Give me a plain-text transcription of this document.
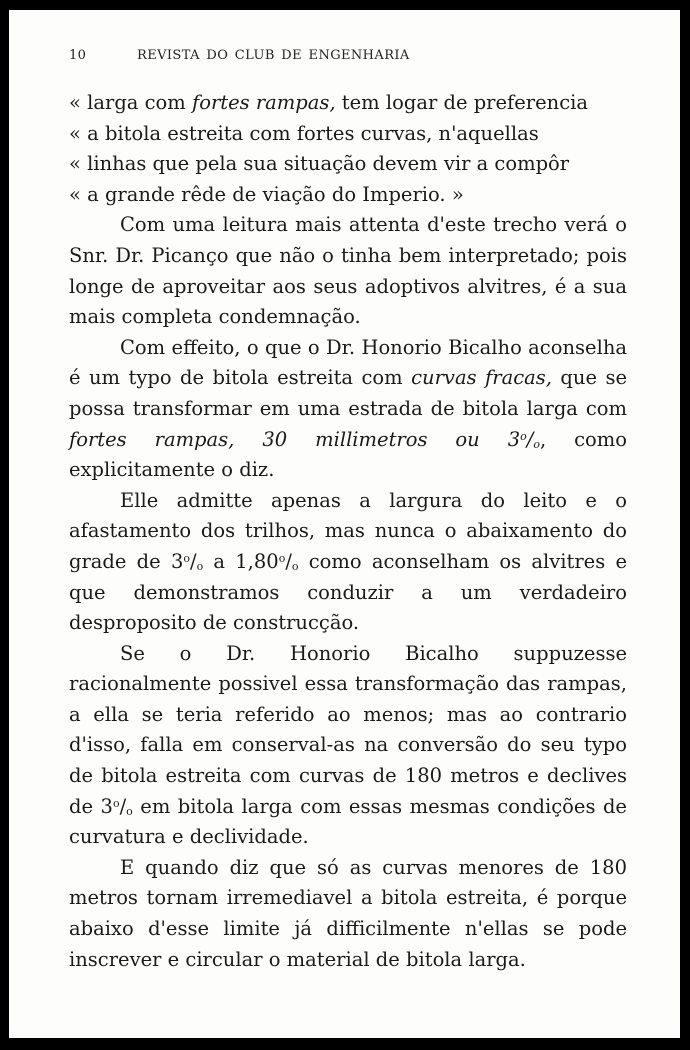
10	REVISTA DO CLUB DE ENGENHARIA

« larga com fortes rampas, tem logar de preferencia

« a bitola estreita com fortes curvas, n'aquellas

« linhas que pela sua situação devem vir a compôr

« a grande rêde de viação do Imperio. »

Com uma leitura mais attenta d'este trecho verá o Snr. Dr. Picanço que não o tinha bem interpretado; pois longe de aproveitar aos seus adoptivos alvitres, é a sua mais completa condemnação.

Com effeito, o que o Dr. Honorio Bicalho aconselha é um typo de bitola estreita com curvas fracas, que se possa transformar em uma estrada de bitola larga com fortes rampas, 30 millimetros ou $3^o/_o$, como explicitamente o diz.

Elle admitte apenas a largura do leito e o afastamento dos trilhos, mas nunca o abaixamento do grade de $3^o/_o$ a $1,80^o/_o$ como aconselham os alvitres e que demonstramos conduzir a um verdadeiro desproposito de construcção.

Se o Dr. Honorio Bicalho suppuzesse racionalmente possivel essa transformação das rampas, a ella se teria referido ao menos; mas ao contrario d'isso, falla em conserval-as na conversão do seu typo de bitola estreita com curvas de 180 metros e declives de $3^o/_o$ em bitola larga com essas mesmas condições de curvatura e declividade.

E quando diz que só as curvas menores de 180 metros tornam irremediavel a bitola estreita, é porque abaixo d'esse limite já difficilmente n'ellas se pode inscrever e circular o material de bitola larga.
